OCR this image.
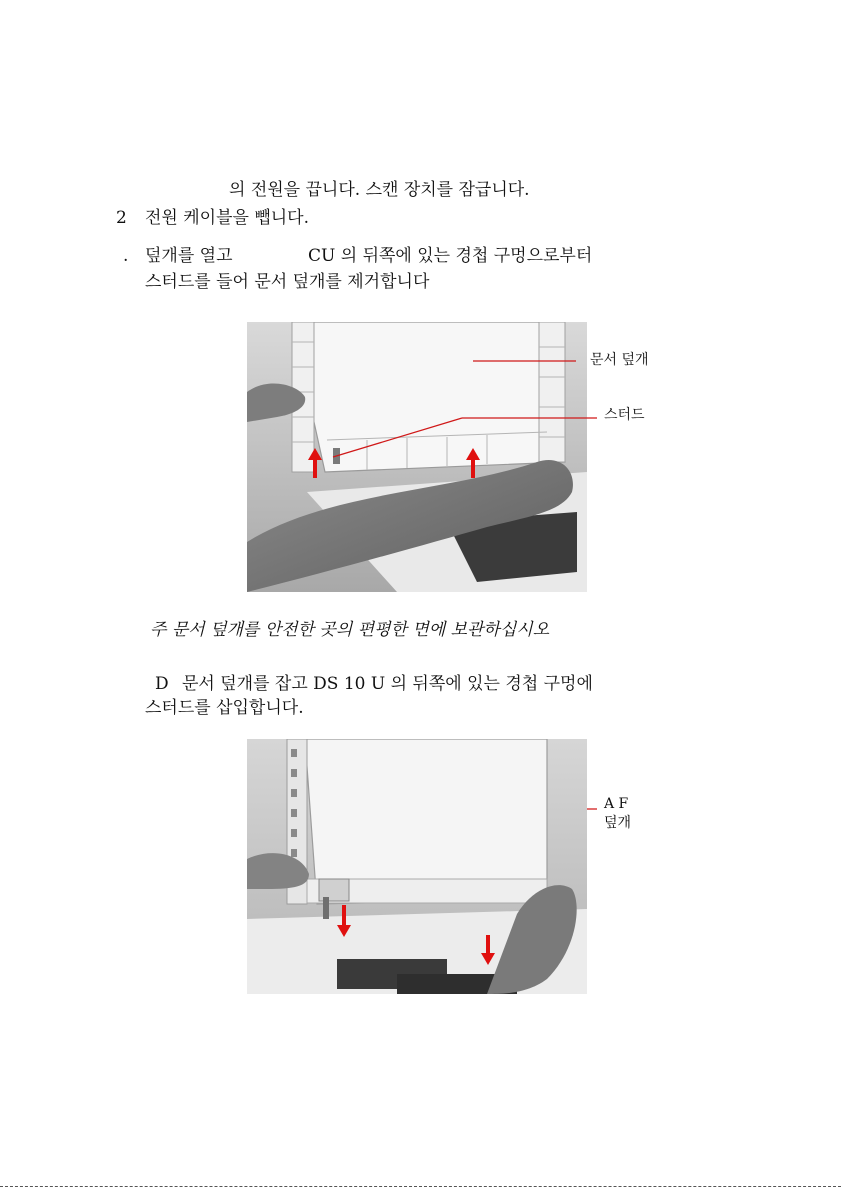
의 전원을 끕니다. 스캔 장치를 잠급니다.
2 전원 케이블을 뺍니다.
. 덮개를 열고	CU 의 뒤쪽에 있는 경첩 구멍으로부터
스터드를 들어 문서 덮개를 제거합니다
문서 덮개
스터드
주 문서 덮개를 안전한 곳의 편평한 면에 보관하십시오
D 문서 덮개를 잡고 DS 10 U 의 뒤쪽에 있는 경첩 구멍에
스터드를 삽입합니다.
A F
덮개
